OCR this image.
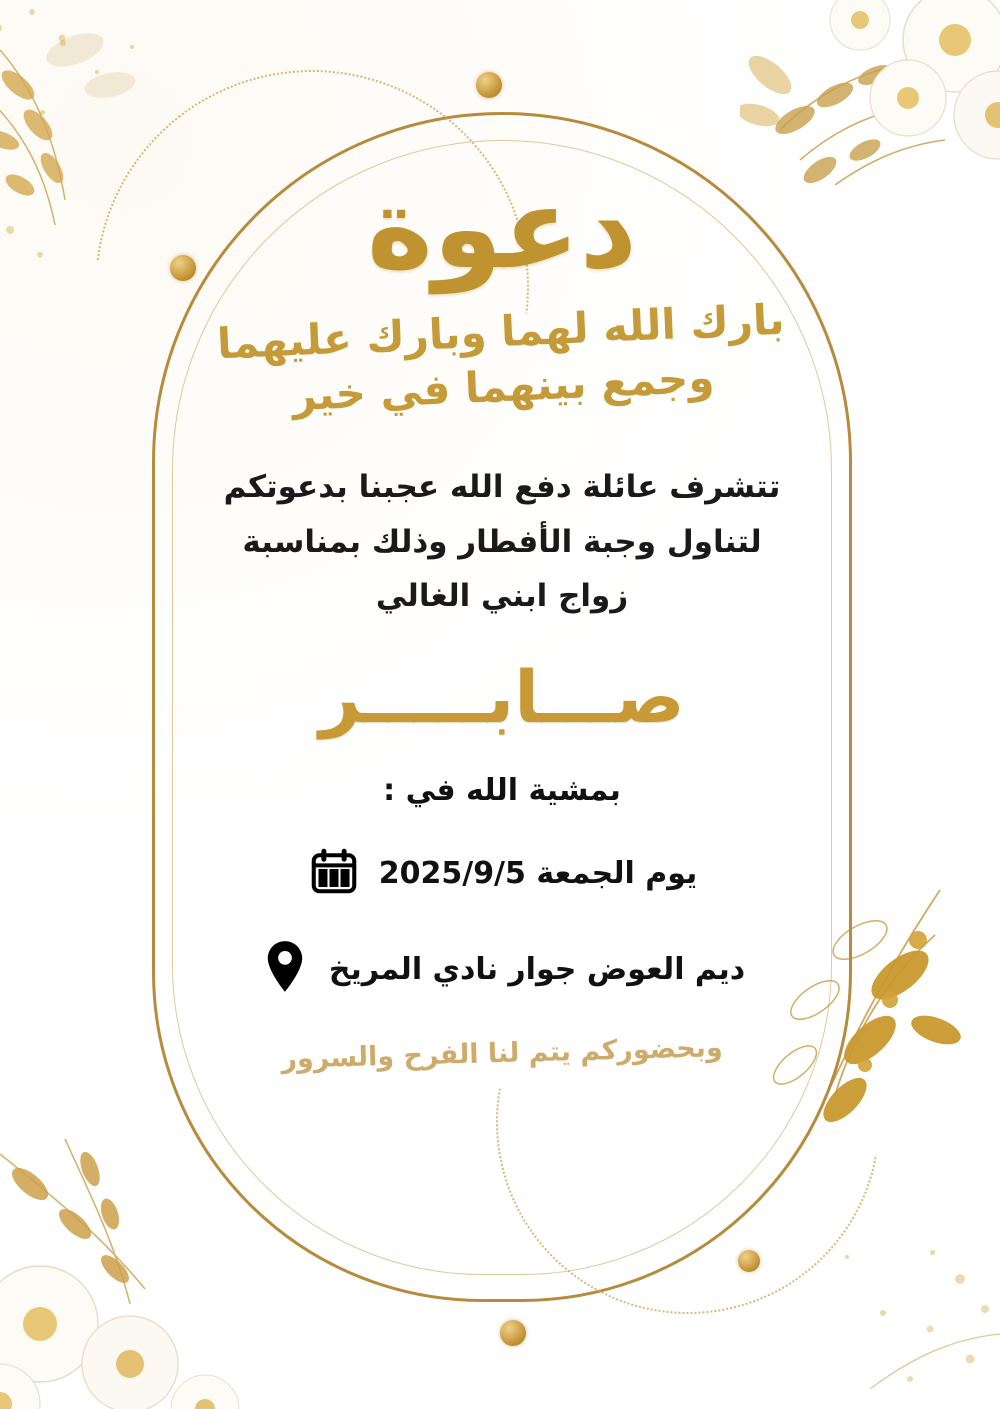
دعوة
بارك الله لهما وبارك عليهما وجمع بينهما في خير
تتشرف عائلة دفع الله عجبنا بدعوتكم لتناول وجبة الأفطار وذلك بمناسبة زواج ابني الغالي
صـــابـــــر
بمشية الله في :
يوم الجمعة 2025/9/5
ديم العوض جوار نادي المريخ
وبحضوركم يتم لنا الفرح والسرور
